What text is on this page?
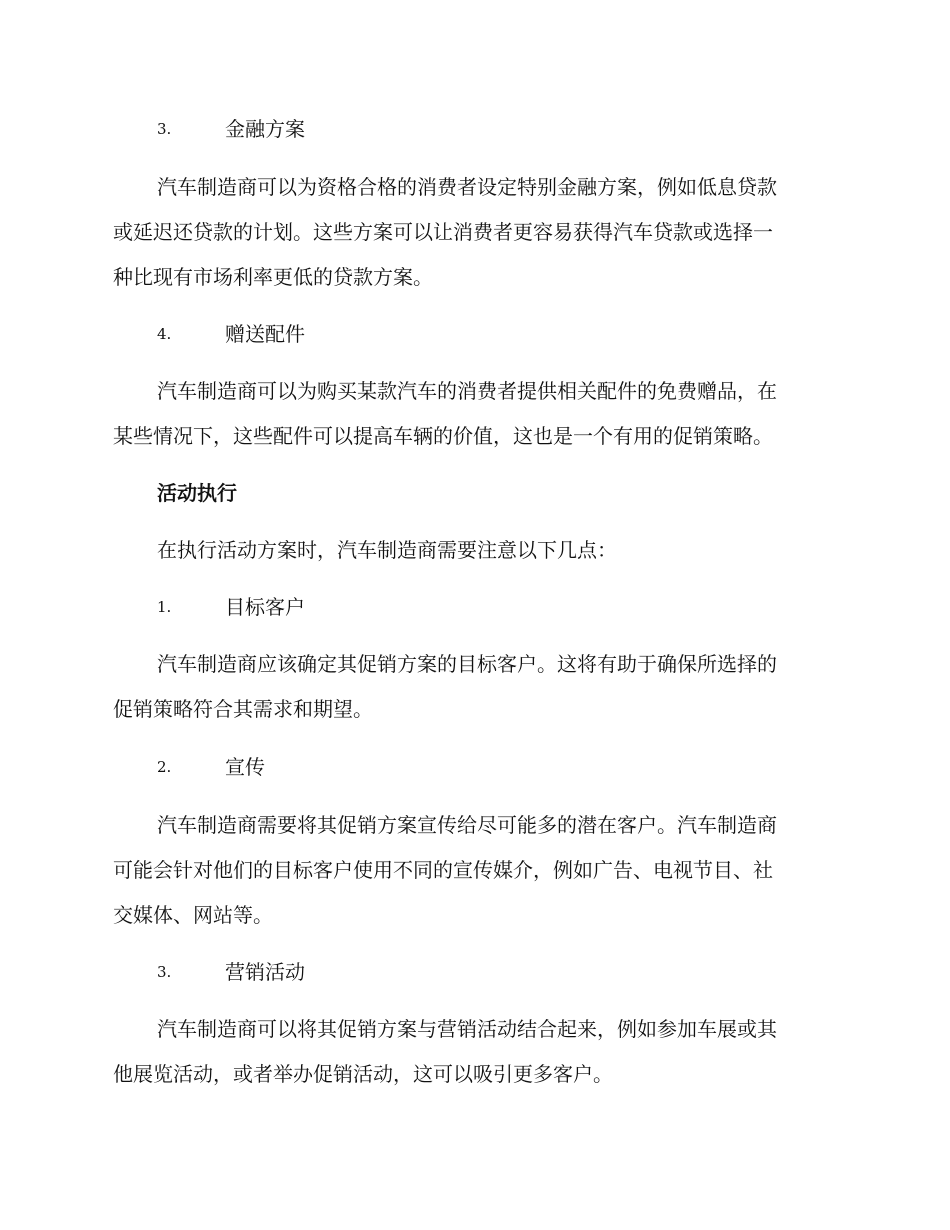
3.	金融方案
汽车制造商可以为资格合格的消费者设定特别金融方案，例如低息贷款
或延迟还贷款的计划。这些方案可以让消费者更容易获得汽车贷款或选择一
种比现有市场利率更低的贷款方案。
4.	赠送配件
汽车制造商可以为购买某款汽车的消费者提供相关配件的免费赠品，在
某些情况下，这些配件可以提高车辆的价值，这也是一个有用的促销策略。
活动执行
在执行活动方案时，汽车制造商需要注意以下几点：
1.	目标客户
汽车制造商应该确定其促销方案的目标客户。这将有助于确保所选择的
促销策略符合其需求和期望。
2.	宣传
汽车制造商需要将其促销方案宣传给尽可能多的潜在客户。汽车制造商
可能会针对他们的目标客户使用不同的宣传媒介，例如广告、电视节目、社
交媒体、网站等。
3.	营销活动
汽车制造商可以将其促销方案与营销活动结合起来，例如参加车展或其
他展览活动，或者举办促销活动，这可以吸引更多客户。
